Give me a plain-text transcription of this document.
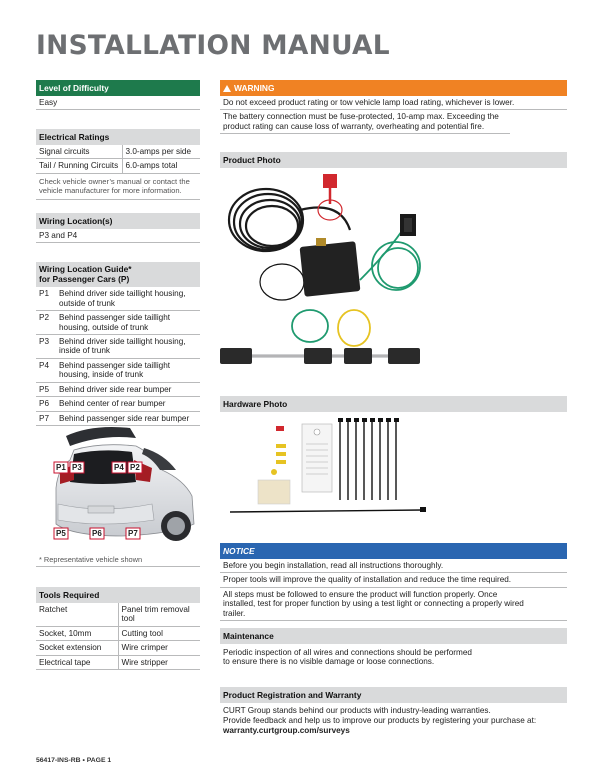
INSTALLATION MANUAL
Level of Difficulty
Easy
Electrical Ratings
Signal circuits	3.0-amps per side
Tail / Running Circuits	6.0-amps total
Check vehicle owner’s manual or contact the vehicle manufacturer for more information.
Wiring Location(s)
P3 and P4
Wiring Location Guide*
for Passenger Cars (P)
P1	Behind driver side taillight housing, outside of trunk
P2	Behind passenger side taillight housing, outside of trunk
P3	Behind driver side taillight housing, inside of trunk
P4	Behind passenger side taillight housing, inside of trunk
P5	Behind driver side rear bumper
P6	Behind center of rear bumper
P7	Behind passenger side rear bumper
P1 P3	P4 P2
P5	P6	P7
* Representative vehicle shown
Tools Required
Ratchet	Panel trim removal tool
Socket, 10mm	Cutting tool
Socket extension	Wire crimper
Electrical tape	Wire stripper
WARNING
Do not exceed product rating or tow vehicle lamp load rating, whichever is lower.
The battery connection must be fuse-protected, 10-amp max. Exceeding the product rating can cause loss of warranty, overheating and potential fire.
Product Photo
Hardware Photo
NOTICE
Before you begin installation, read all instructions thoroughly.
Proper tools will improve the quality of installation and reduce the time required.
All steps must be followed to ensure the product will function properly. Once installed, test for proper function by using a test light or connecting a properly wired trailer.
Maintenance
Periodic inspection of all wires and connections should be performed to ensure there is no visible damage or loose connections.
Product Registration and Warranty
CURT Group stands behind our products with industry-leading warranties.
Provide feedback and help us to improve our products by registering your purchase at:
warranty.curtgroup.com/surveys
56417-INS-RB • PAGE 1
